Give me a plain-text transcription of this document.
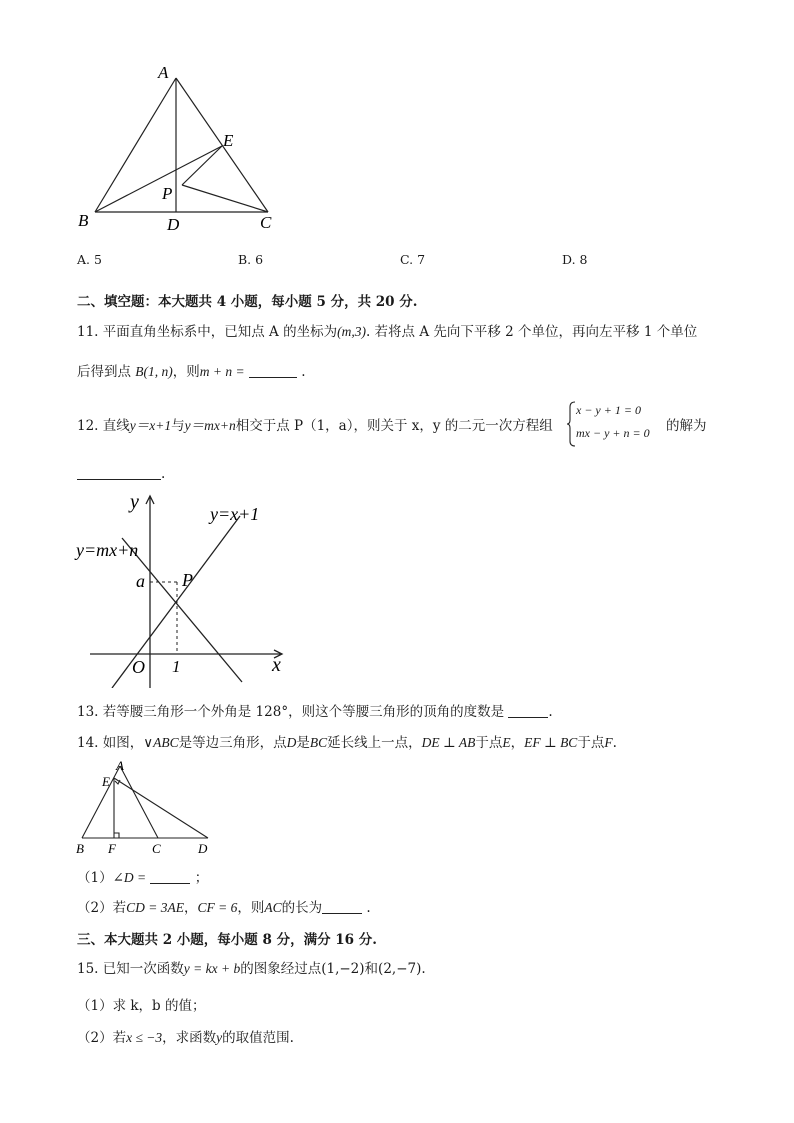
A
E
P
B	D	C
A. 5	B. 6	C. 7	D. 8
二、填空题：本大题共 4 小题，每小题 5 分，共 20 分.
11. 平面直角坐标系中，已知点 A 的坐标为(m,3). 若将点 A 先向下平移 2 个单位，再向左平移 1 个单位
后得到点 B(1, n)，则m + n =	.
12. 直线y＝x+1与y＝mx+n相交于点 P（1，a），则关于 x，y 的二元一次方程组
x − y + 1 = 0
mx − y + n = 0 的解为
.
y
x
O
y=x+1
y=mx+n
a P
1
13. 若等腰三角形一个外角是 128°，则这个等腰三角形的顶角的度数是	.
14. 如图，∨ABC是等边三角形，点D是BC延长线上一点，DE ⊥ AB于点E，EF ⊥ BC于点F.
A
E
B F	C	D
（1）∠D =	；
（2）若CD = 3AE，CF = 6，则AC的长为	.
三、本大题共 2 小题，每小题 8 分，满分 16 分.
15. 已知一次函数y = kx + b的图象经过点(1,−2)和(2,−7).
（1）求 k，b 的值；
（2）若x ≤ −3，求函数y的取值范围.
